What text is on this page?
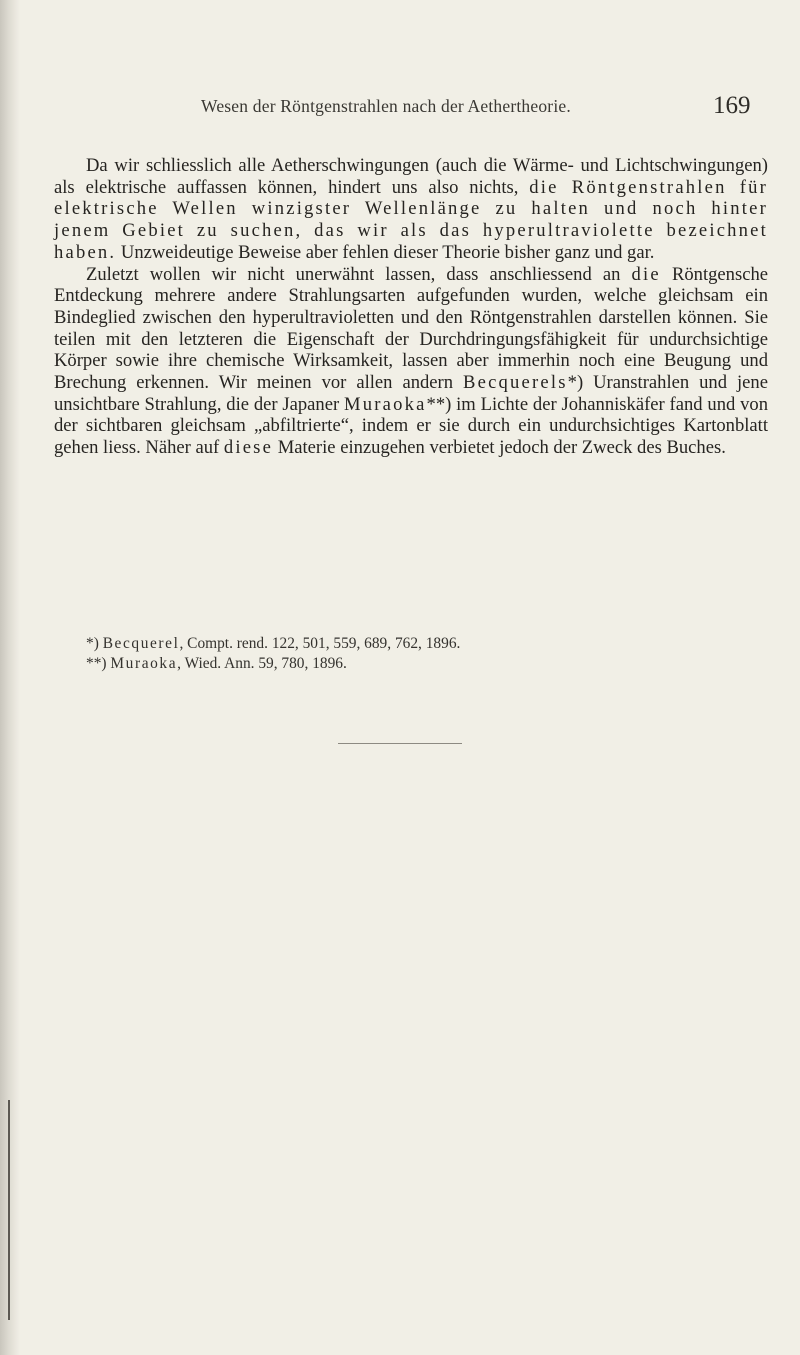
Wesen der Röntgenstrahlen nach der Aethertheorie.	169

Da wir schliesslich alle Aetherschwingungen (auch die Wärme- und Lichtschwingungen) als elektrische auffassen können, hindert uns also nichts, die Röntgenstrahlen für elektrische Wellen winzigster Wellenlänge zu halten und noch hinter jenem Gebiet zu suchen, das wir als das hyperultraviolette bezeichnet haben. Unzweideutige Beweise aber fehlen dieser Theorie bisher ganz und gar.

Zuletzt wollen wir nicht unerwähnt lassen, dass anschliessend an die Röntgensche Entdeckung mehrere andere Strahlungsarten aufgefunden wurden, welche gleichsam ein Bindeglied zwischen den hyperultravioletten und den Röntgenstrahlen darstellen können. Sie teilen mit den letzteren die Eigenschaft der Durchdringungsfähigkeit für undurchsichtige Körper sowie ihre chemische Wirksamkeit, lassen aber immerhin noch eine Beugung und Brechung erkennen. Wir meinen vor allen andern Becquerels*) Uranstrahlen und jene unsichtbare Strahlung, die der Japaner Muraoka**) im Lichte der Johanniskäfer fand und von der sichtbaren gleichsam „abfiltrierte“, indem er sie durch ein undurchsichtiges Kartonblatt gehen liess. Näher auf diese Materie einzugehen verbietet jedoch der Zweck des Buches.

*) Becquerel, Compt. rend. 122, 501, 559, 689, 762, 1896.
**) Muraoka, Wied. Ann. 59, 780, 1896.
